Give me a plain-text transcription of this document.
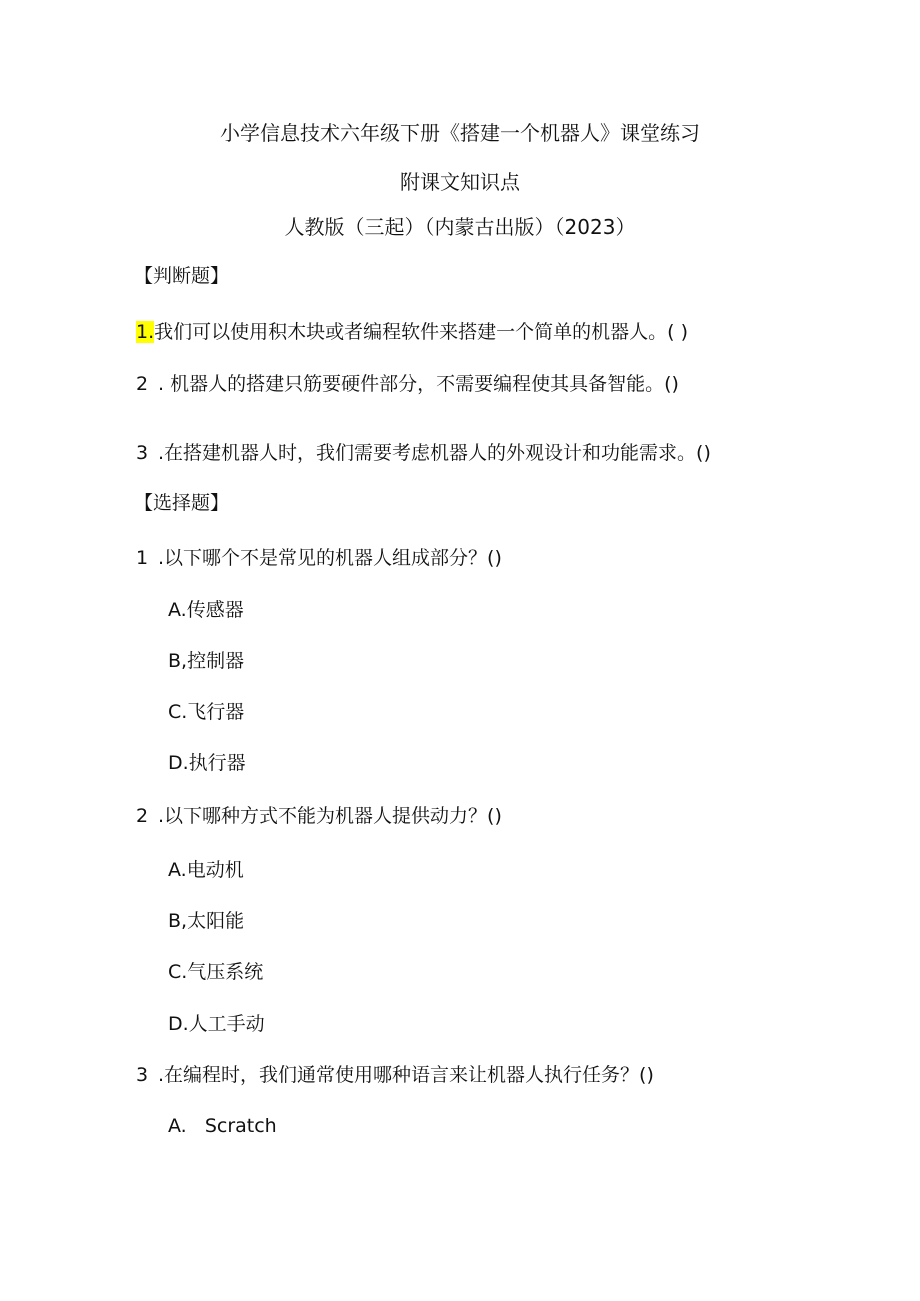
小学信息技术六年级下册《搭建一个机器人》课堂练习
附课文知识点
人教版（三起）（内蒙古出版）（2023）
【判断题】
1.我们可以使用积木块或者编程软件来搭建一个简单的机器人。( )
2 . 机器人的搭建只筋要硬件部分，不需要编程使其具备智能。()
3 .在搭建机器人时，我们需要考虑机器人的外观设计和功能需求。()
【选择题】
1 .以下哪个不是常见的机器人组成部分？()
A.传感器
B,控制器
C.飞行器
D.执行器
2 .以下哪种方式不能为机器人提供动力？()
A.电动机
B,太阳能
C.气压系统
D.人工手动
3 .在编程时，我们通常使用哪种语言来让机器人执行任务？()
A.   Scratch
